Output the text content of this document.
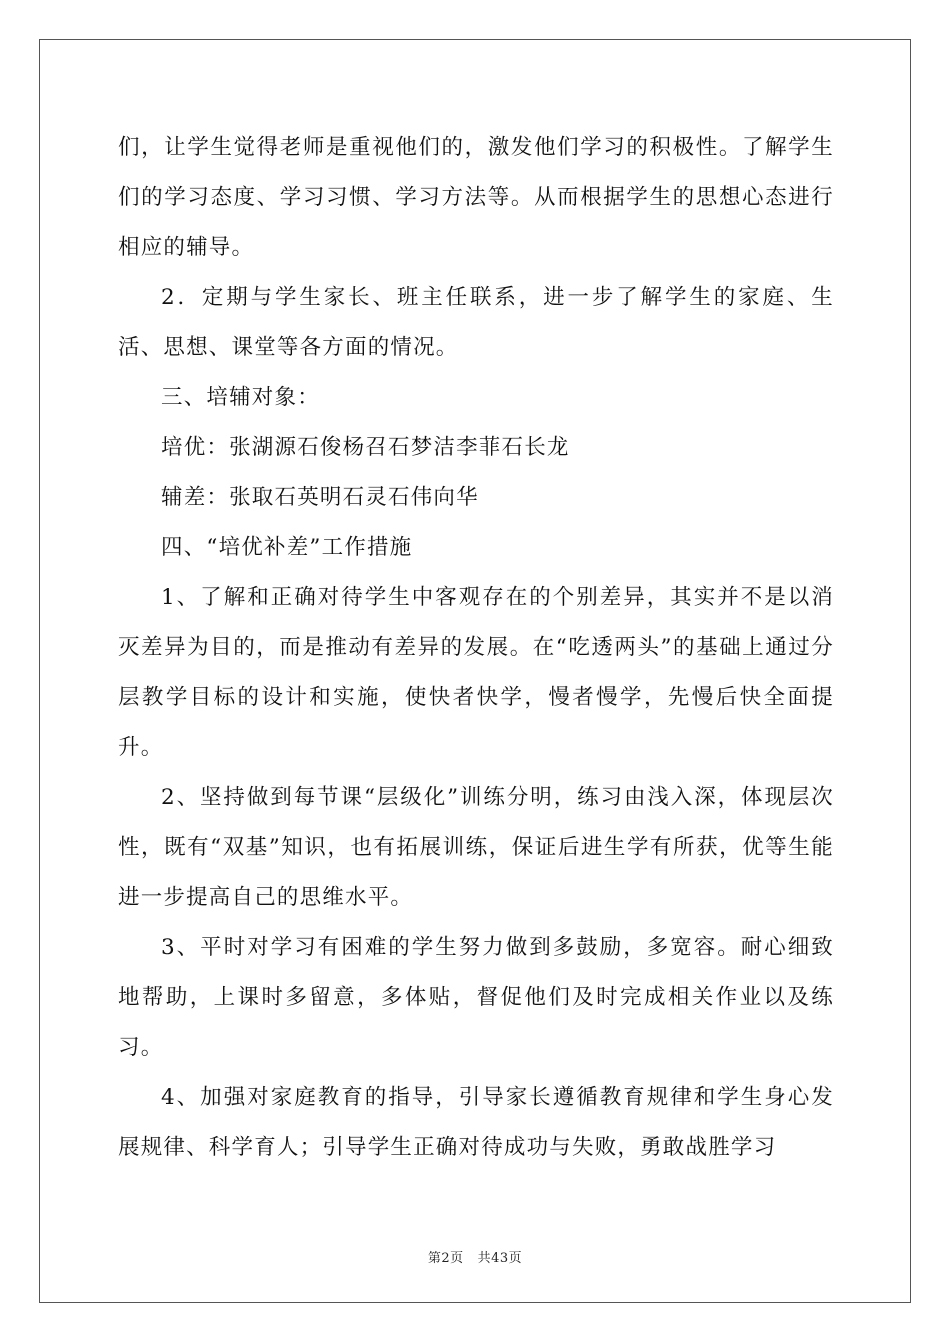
们，让学生觉得老师是重视他们的，激发他们学习的积极性。了解学生们的学习态度、学习习惯、学习方法等。从而根据学生的思想心态进行相应的辅导。

2．定期与学生家长、班主任联系，进一步了解学生的家庭、生活、思想、课堂等各方面的情况。

三、培辅对象：

培优：张湖源石俊杨召石梦洁李菲石长龙

辅差：张取石英明石灵石伟向华

四、“培优补差”工作措施

1、了解和正确对待学生中客观存在的个别差异，其实并不是以消灭差异为目的，而是推动有差异的发展。在“吃透两头”的基础上通过分层教学目标的设计和实施，使快者快学，慢者慢学，先慢后快全面提升。

2、坚持做到每节课“层级化”训练分明，练习由浅入深，体现层次性，既有“双基”知识，也有拓展训练，保证后进生学有所获，优等生能进一步提高自己的思维水平。

3、平时对学习有困难的学生努力做到多鼓励，多宽容。耐心细致地帮助，上课时多留意，多体贴，督促他们及时完成相关作业以及练习。

4、加强对家庭教育的指导，引导家长遵循教育规律和学生身心发展规律、科学育人；引导学生正确对待成功与失败，勇敢战胜学习

第2页 共43页
